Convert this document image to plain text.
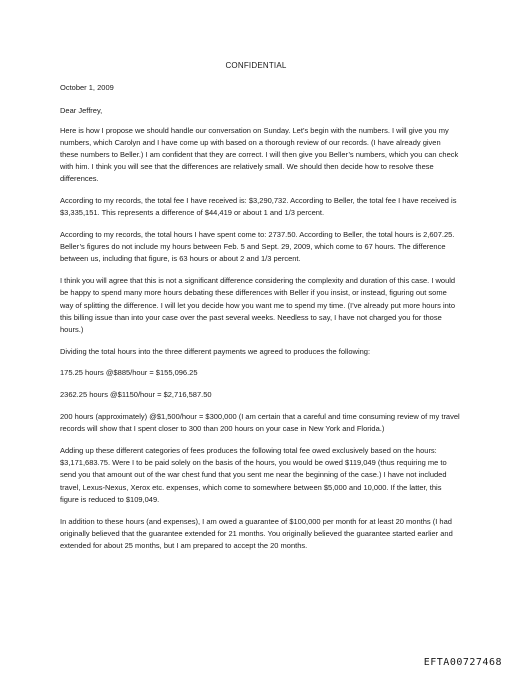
CONFIDENTIAL
October 1, 2009
Dear Jeffrey,

Here is how I propose we should handle our conversation on Sunday. Let’s begin with the numbers. I will give you my numbers, which Carolyn and I have come up with based on a thorough review of our records. (I have already given these numbers to Beller.) I am confident that they are correct. I will then give you Beller’s numbers, which you can check with him. I think you will see that the differences are relatively small. We should then decide how to resolve these differences.

According to my records, the total fee I have received is: $3,290,732. According to Beller, the total fee I have received is $3,335,151. This represents a difference of $44,419 or about 1 and 1/3 percent.

According to my records, the total hours I have spent come to: 2737.50. According to Beller, the total hours is 2,607.25. Beller’s figures do not include my hours between Feb. 5 and Sept. 29, 2009, which come to 67 hours. The difference between us, including that figure, is 63 hours or about 2 and 1/3 percent.

I think you will agree that this is not a significant difference considering the complexity and duration of this case. I would be happy to spend many more hours debating these differences with Beller if you insist, or instead, figuring out some way of splitting the difference. I will let you decide how you want me to spend my time. (I’ve already put more hours into this billing issue than into your case over the past several weeks. Needless to say, I have not charged you for those hours.)

Dividing the total hours into the three different payments we agreed to produces the following:

175.25 hours @$885/hour = $155,096.25

2362.25 hours @$1150/hour = $2,716,587.50

200 hours (approximately) @$1,500/hour = $300,000 (I am certain that a careful and time consuming review of my travel records will show that I spent closer to 300 than 200 hours on your case in New York and Florida.)

Adding up these different categories of fees produces the following total fee owed exclusively based on the hours: $3,171,683.75. Were I to be paid solely on the basis of the hours, you would be owed $119,049 (thus requiring me to send you that amount out of the war chest fund that you sent me near the beginning of the case.) I have not included travel, Lexus-Nexus, Xerox etc. expenses, which come to somewhere between $5,000 and 10,000. If the latter, this figure is reduced to $109,049.

In addition to these hours (and expenses), I am owed a guarantee of $100,000 per month for at least 20 months (I had originally believed that the guarantee extended for 21 months. You originally believed the guarantee started earlier and extended for about 25 months, but I am prepared to accept the 20 months.

EFTA00727468
